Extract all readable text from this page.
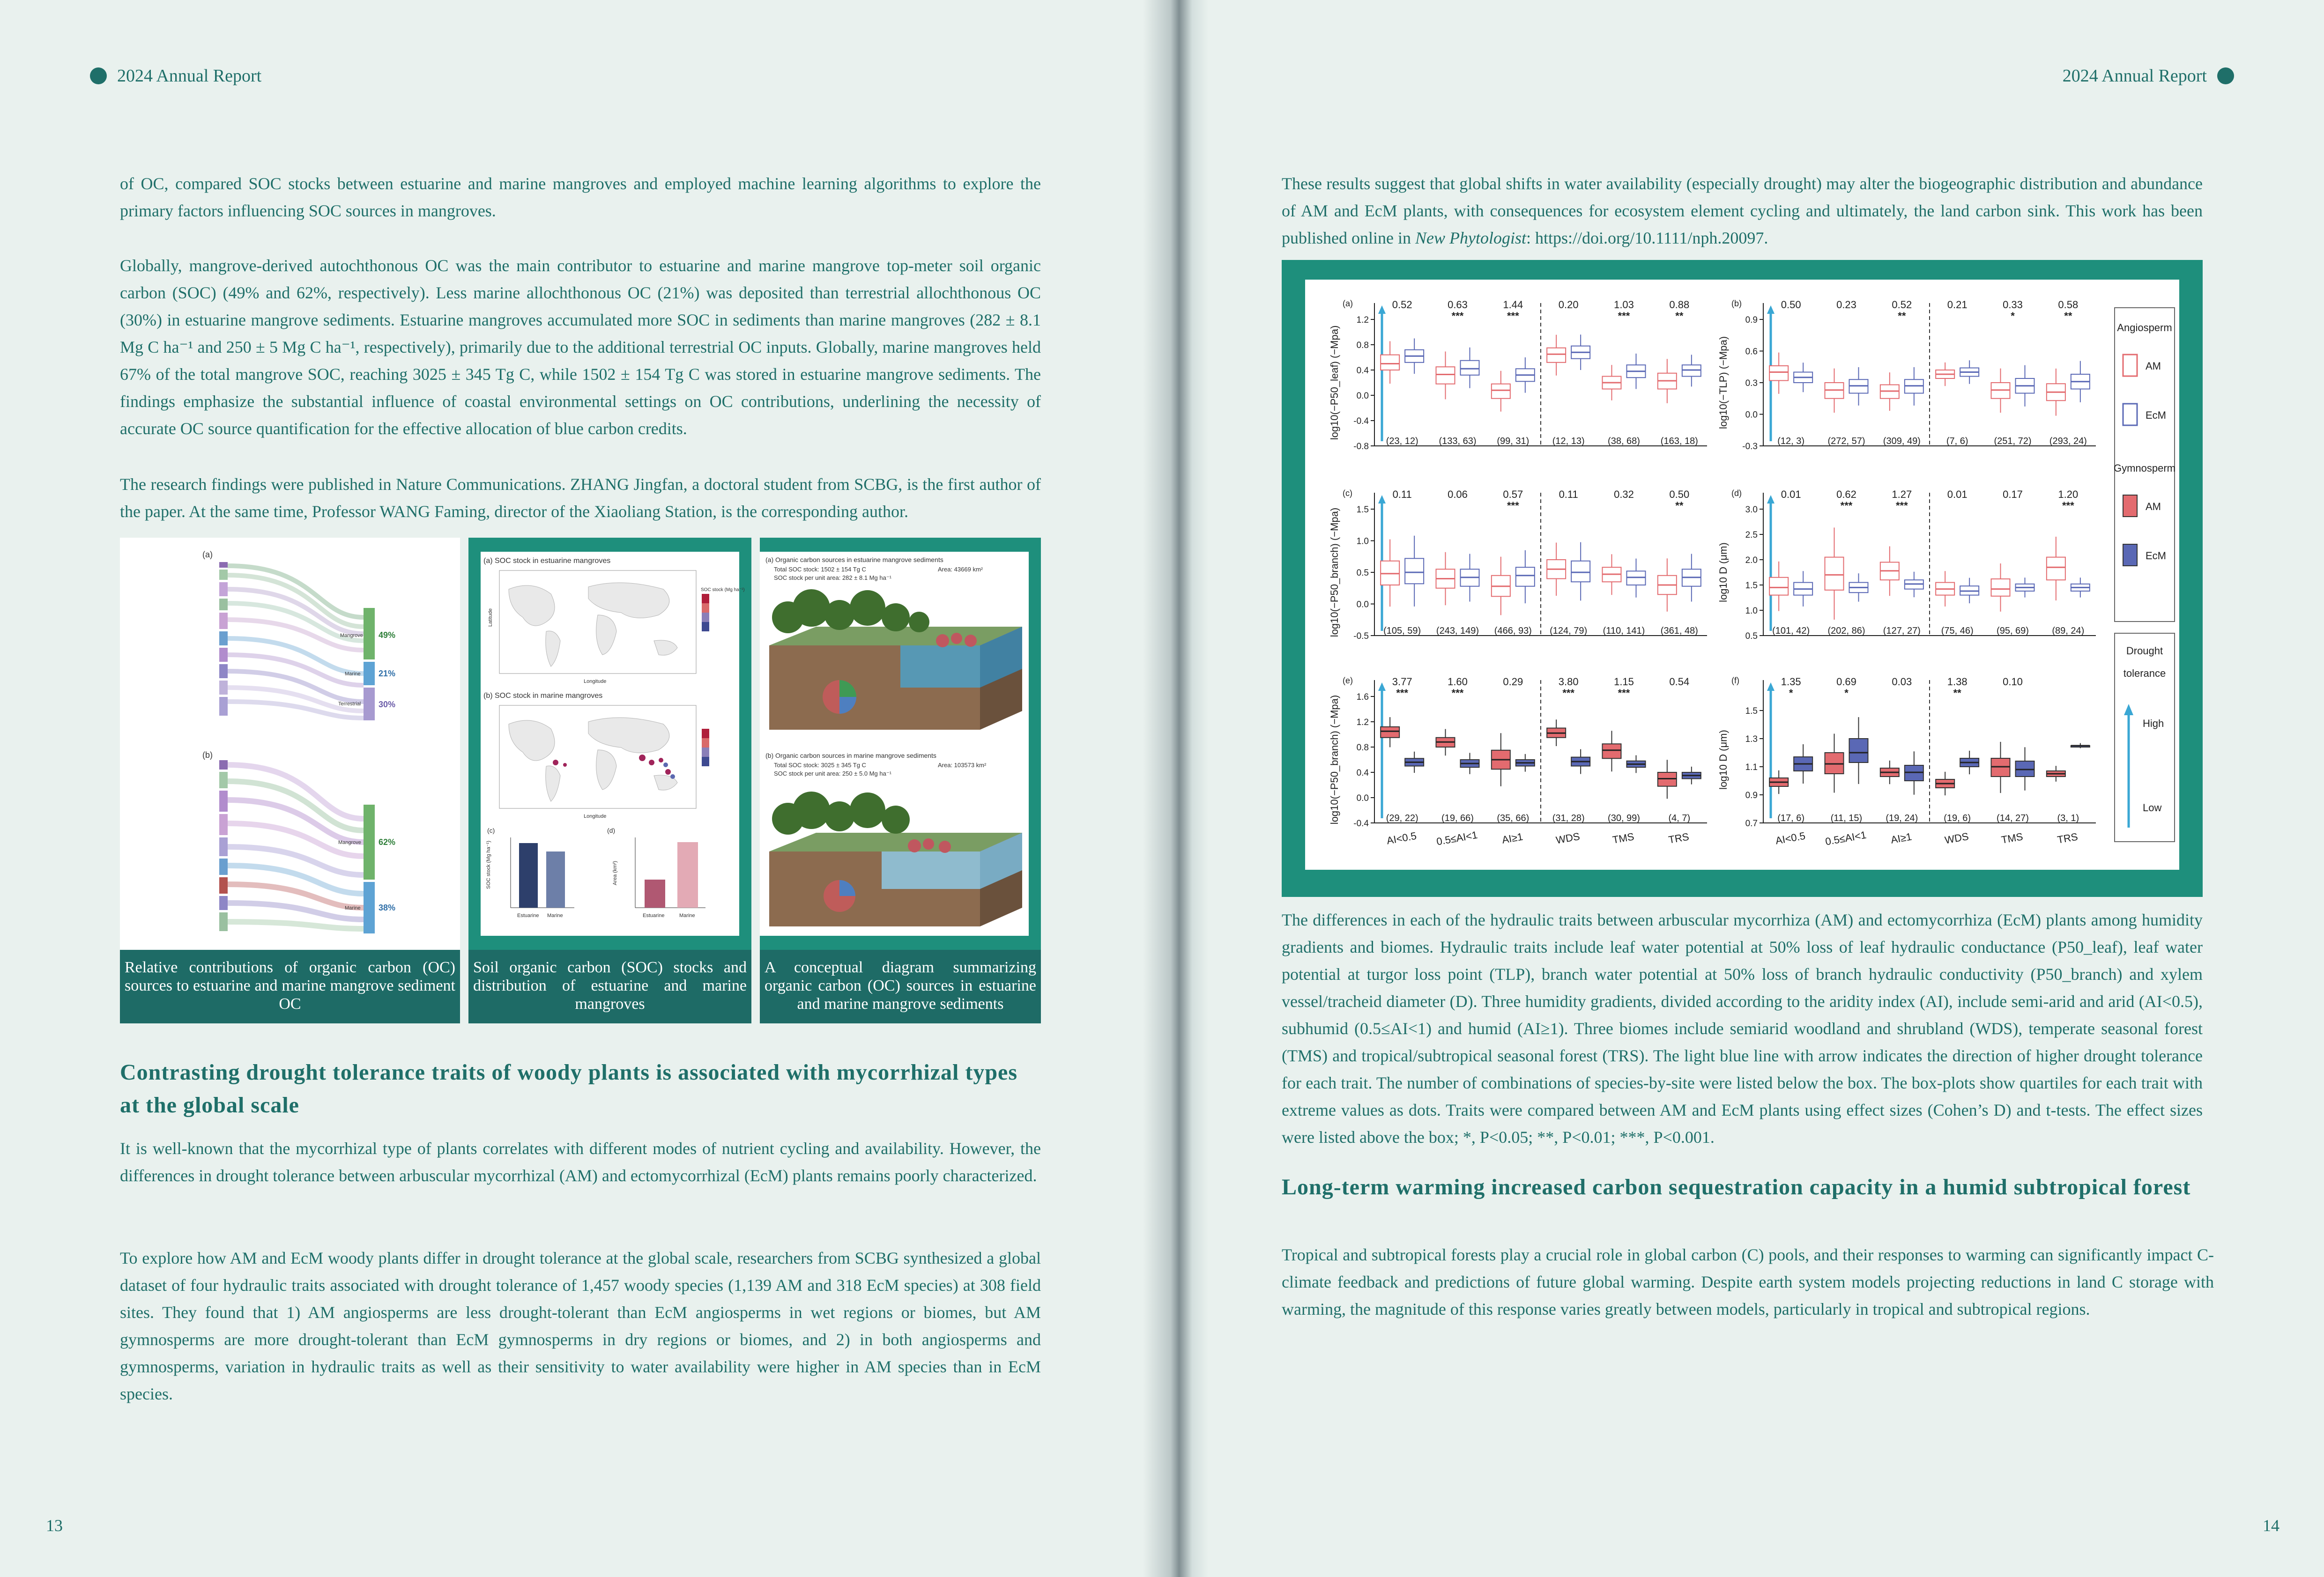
2024 Annual Report

of OC, compared SOC stocks between estuarine and marine mangroves and employed machine learning algorithms to explore the primary factors influencing SOC sources in mangroves.

Globally, mangrove-derived autochthonous OC was the main contributor to estuarine and marine mangrove top-meter soil organic carbon (SOC) (49% and 62%, respectively). Less marine allochthonous OC (21%) was deposited than terrestrial allochthonous OC (30%) in estuarine mangrove sediments. Estuarine mangroves accumulated more SOC in sediments than marine mangroves (282 ± 8.1 Mg C ha⁻¹ and 250 ± 5 Mg C ha⁻¹, respectively), primarily due to the additional terrestrial OC inputs. Globally, marine mangroves held 67% of the total mangrove SOC, reaching 3025 ± 345 Tg C, while 1502 ± 154 Tg C was stored in estuarine mangrove sediments. The findings emphasize the substantial influence of coastal environmental settings on OC contributions, underlining the necessity of accurate OC source quantification for the effective allocation of blue carbon credits.

The research findings were published in Nature Communications. ZHANG Jingfan, a doctoral student from SCBG, is the first author of the paper. At the same time, Professor WANG Faming, director of the Xiaoliang Station, is the corresponding author.

(a)
Mangrove
Marine
Terrestrial
49%
21%
30%
(b)
Mangrove
Marine
62%
38%
(a) SOC stock in estuarine mangroves
SOC stock (Mg ha⁻¹)
Longitude
Latitude
(b) SOC stock in marine mangroves
Longitude
(c)
SOC stock (Mg ha⁻¹)
Estuarine Marine
(d)
Area (km²)
Estuarine	Marine
(a) Organic carbon sources in estuarine mangrove sediments
Total SOC stock: 1502 ± 154 Tg C	Area: 43669 km²
SOC stock per unit area: 282 ± 8.1 Mg ha⁻¹
(b) Organic carbon sources in marine mangrove sediments
Total SOC stock: 3025 ± 345 Tg C	Area: 103573 km²
SOC stock per unit area: 250 ± 5.0 Mg ha⁻¹
Relative contributions of organic carbon (OC) sources to estuarine and marine mangrove sediment OC
Soil organic carbon (SOC) stocks and distribution of estuarine and marine mangroves
A conceptual diagram summarizing organic carbon (OC) sources in estuarine and marine mangrove sediments
Contrasting drought tolerance traits of woody plants is associated with mycorrhizal types at the global scale

It is well-known that the mycorrhizal type of plants correlates with different modes of nutrient cycling and availability. However, the differences in drought tolerance between arbuscular mycorrhizal (AM) and ectomycorrhizal (EcM) plants remains poorly characterized.

To explore how AM and EcM woody plants differ in drought tolerance at the global scale, researchers from SCBG synthesized a global dataset of four hydraulic traits associated with drought tolerance of 1,457 woody species (1,139 AM and 318 EcM species) at 308 field sites. They found that 1) AM angiosperms are less drought-tolerant than EcM angiosperms in wet regions or biomes, but AM gymnosperms are more drought-tolerant than EcM gymnosperms in dry regions or biomes, and 2) in both angiosperms and gymnosperms, variation in hydraulic traits as well as their sensitivity to water availability were higher in AM species than in EcM species.

13
2024 Annual Report

These results suggest that global shifts in water availability (especially drought) may alter the biogeographic distribution and abundance of AM and EcM plants, with consequences for ecosystem element cycling and ultimately, the land carbon sink. This work has been published online in New Phytologist: https://doi.org/10.1111/nph.20097.

(a)
log10(−P50_leaf) (−Mpa)
1.2
0.8
0.4
0.0
-0.4
-0.8
0.52
(23, 12)
0.63
***
(133, 63)
1.44
***
(99, 31)
0.20
(12, 13)
1.03
***
(38, 68)
0.88
**
(163, 18)
(b)
log10(−TLP) (−Mpa)
0.9
0.6
0.3
0.0
-0.3
0.50
(12, 3)
0.23
(272, 57)
0.52
**
(309, 49)
0.21
(7, 6)
0.33
*
(251, 72)
0.58
**
(293, 24)
(c)
log10(−P50_branch) (−Mpa) 1.5
1.0
0.5
0.0
-0.5
0.11
(105, 59)
0.06
(243, 149)
0.57
***
(466, 93)
0.11
(124, 79)
0.32
(110, 141)
0.50
**
(361, 48)
(d)
log10 D (μm)
3.0
2.5
2.0
1.5
1.0
0.5
0.01
(101, 42)
0.62
***
(202, 86)
1.27
***
(127, 27)
0.01
(75, 46)
0.17
(95, 69)
1.20
***
(89, 24)
(e)
log10(−P50_branch) (−Mpa) 1.6
1.2
0.8
0.4
0.0
-0.4
3.77
***
(29, 22)
1.60
***
(19, 66)
0.29
(35, 66)
3.80
***
(31, 28)
1.15
***
(30, 99)
0.54
(4, 7)
AI<0.5 0.5≤AI<1 AI≥1	WDS	TMS	TRS
(f)
log10 D (μm)
1.5
1.3
1.1
0.9
0.7
1.35
*
(17, 6)
0.69
*
(11, 15)
0.03
(19, 24)
1.38
**
(19, 6)
0.10
(14, 27)	(3, 1)
AI<0.5 0.5≤AI<1 AI≥1	WDS	TMS	TRS
Angiosperm
AM
EcM
Gymnosperm
AM
EcM
Drought
tolerance
High
Low

The differences in each of the hydraulic traits between arbuscular mycorrhiza (AM) and ectomycorrhiza (EcM) plants among humidity gradients and biomes. Hydraulic traits include leaf water potential at 50% loss of leaf hydraulic conductance (P50_leaf), leaf water potential at turgor loss point (TLP), branch water potential at 50% loss of branch hydraulic conductivity (P50_branch) and xylem vessel/tracheid diameter (D). Three humidity gradients, divided according to the aridity index (AI), include semi-arid and arid (AI<0.5), subhumid (0.5≤AI<1) and humid (AI≥1). Three biomes include semiarid woodland and shrubland (WDS), temperate seasonal forest (TMS) and tropical/subtropical seasonal forest (TRS). The light blue line with arrow indicates the direction of higher drought tolerance for each trait. The number of combinations of species-by-site were listed below the box. The box-plots show quartiles for each trait with extreme values as dots. Traits were compared between AM and EcM plants using effect sizes (Cohen’s D) and t-tests. The effect sizes were listed above the box; *, P<0.05; **, P<0.01; ***, P<0.001.

Long-term warming increased carbon sequestration capacity in a humid subtropical forest

Tropical and subtropical forests play a crucial role in global carbon (C) pools, and their responses to warming can significantly impact C-climate feedback and predictions of future global warming. Despite earth system models projecting reductions in land C storage with warming, the magnitude of this response varies greatly between models, particularly in tropical and subtropical regions.

14
